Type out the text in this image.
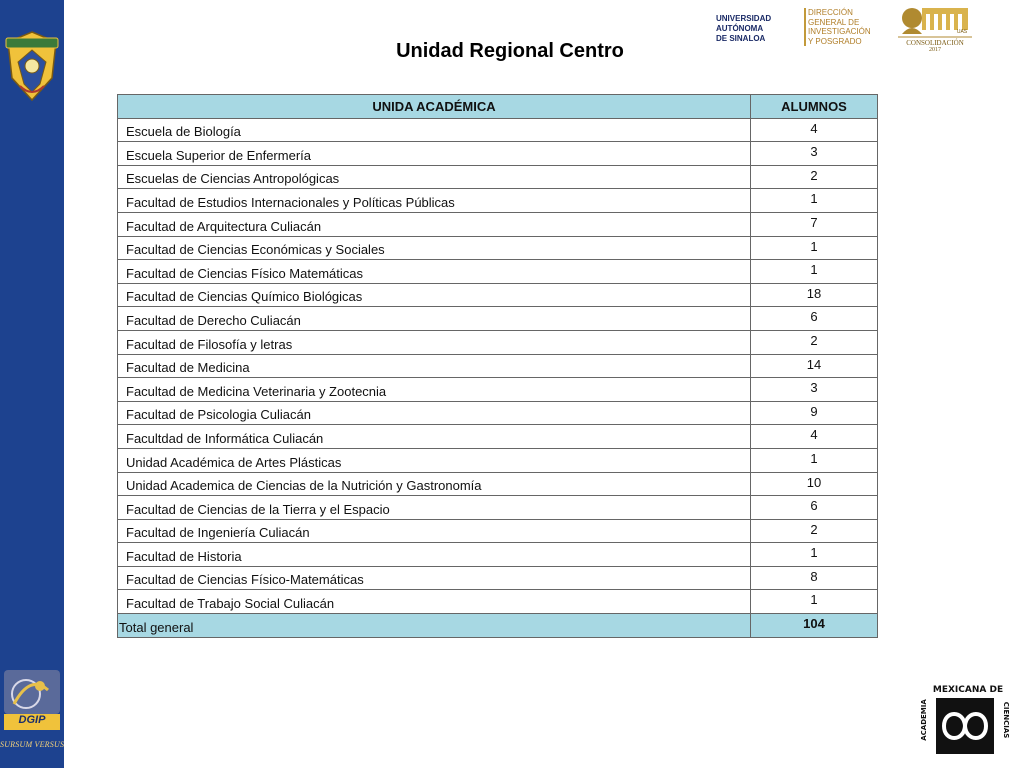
DGIP
SURSUM VERSUS
Unidad Regional Centro
UNIVERSIDAD
AUTÓNOMA
DE SINALOA
DIRECCIÓN
GENERAL DE
INVESTIGACIÓN
Y POSGRADO	CONSOLIDACIÓN
2017
UAS
UNIDA ACADÉMICA	ALUMNOS
Escuela de Biología	4
Escuela Superior de Enfermería	3
Escuelas de Ciencias Antropológicas	2
Facultad de Estudios Internacionales y Políticas Públicas	1
Facultad de Arquitectura Culiacán	7
Facultad de Ciencias Económicas y Sociales	1
Facultad de Ciencias Físico Matemáticas	1
Facultad de Ciencias Químico Biológicas	18
Facultad de Derecho Culiacán	6
Facultad de Filosofía y letras	2
Facultad de Medicina	14
Facultad de Medicina Veterinaria y Zootecnia	3
Facultad de Psicologia Culiacán	9
Facultdad de Informática Culiacán	4
Unidad Académica de Artes Plásticas	1
Unidad Academica de Ciencias de la Nutrición y Gastronomía	10
Facultad de Ciencias de la Tierra y el Espacio	6
Facultad de Ingeniería Culiacán	2
Facultad de Historia	1
Facultad de Ciencias Físico-Matemáticas	8
Facultad de Trabajo Social Culiacán	1
Total general	104
MEXICANA DE
ACADEMIA	CIENCIAS
